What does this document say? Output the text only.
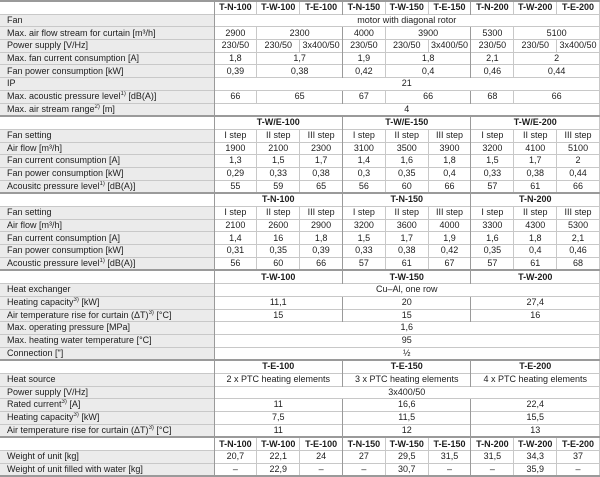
	T-N-100	T-W-100	T-E-100	T-N-150	T-W-150	T-E-150	T-N-200	T-W-200	T-E-200
Fan	motor with diagonal rotor								
Max. air flow stream for curtain [m³/h]	2900	2300		4000	3900		5300	5100	
Power supply [V/Hz]	230/50	230/50	3x400/50	230/50	230/50	3x400/50	230/50	230/50	3x400/50
Max. fan current consumption [A]	1,8	1,7		1,9	1,8		2,1	2	
Fan power consumption [kW]	0,39	0,38		0,42	0,4		0,46	0,44	
IP	21								
Max. acoustic pressure level$^{1)}$ [dB(A)]	66	65		67	66		68	66	
Max. air stream range$^{2)}$ [m]	4								
	T-W/E-100			T-W/E-150			T-W/E-200		
Fan setting	I step	II step	III step	I step	II step	III step	I step	II step	III step
Air flow [m³/h]	1900	2100	2300	3100	3500	3900	3200	4100	5100
Fan current consumption [A]	1,3	1,5	1,7	1,4	1,6	1,8	1,5	1,7	2
Fan power consumption [kW]	0,29	0,33	0,38	0,3	0,35	0,4	0,33	0,38	0,44
Acousitc pressure level$^{1)}$ [dB(A)]	55	59	65	56	60	66	57	61	66
	T-N-100			T-N-150			T-N-200		
Fan setting	I step	II step	III step	I step	II step	III step	I step	II step	III step
Air flow [m³/h]	2100	2600	2900	3200	3600	4000	3300	4300	5300
Fan current consumption [A]	1,4	16	1,8	1,5	1,7	1,9	1,6	1,8	2,1
Fan power consumption [kW]	0,31	0,35	0,39	0,33	0,38	0,42	0,35	0,4	0,46
Acoustic pressure level$^{1)}$ [dB(A)]	56	60	66	57	61	67	57	61	68
	T-W-100			T-W-150			T-W-200		
Heat exchanger	Cu–Al, one row								
Heating capacity$^{3)}$ [kW]	11,1			20			27,4		
Air temperature rise for curtain $(\Delta T)^{3)}$ [°C]	15			15			16		
Max. operating pressure [MPa]	1,6								
Max. heating water temperature [°C]	95								
Connection ["]	½								
	T-E-100			T-E-150			T-E-200		
Heat source	2 x PTC heating elements			3 x PTC heating elements			4 x PTC heating elements		
Power supply [V/Hz]	3x400/50								
Rated current$^{3)}$ [A]	11			16,6			22,4		
Heating capacity$^{3)}$ [kW]	7,5			11,5			15,5		
Air temperature rise for curtain $(\Delta T)^{3)}$ [°C]	11			12			13		
	T-N-100	T-W-100	T-E-100	T-N-150	T-W-150	T-E-150	T-N-200	T-W-200	T-E-200
Weight of unit [kg]	20,7	22,1	24	27	29,5	31,5	31,5	34,3	37
Weight of unit filled with water [kg]	–	22,9	–	–	30,7	–	–	35,9	–
